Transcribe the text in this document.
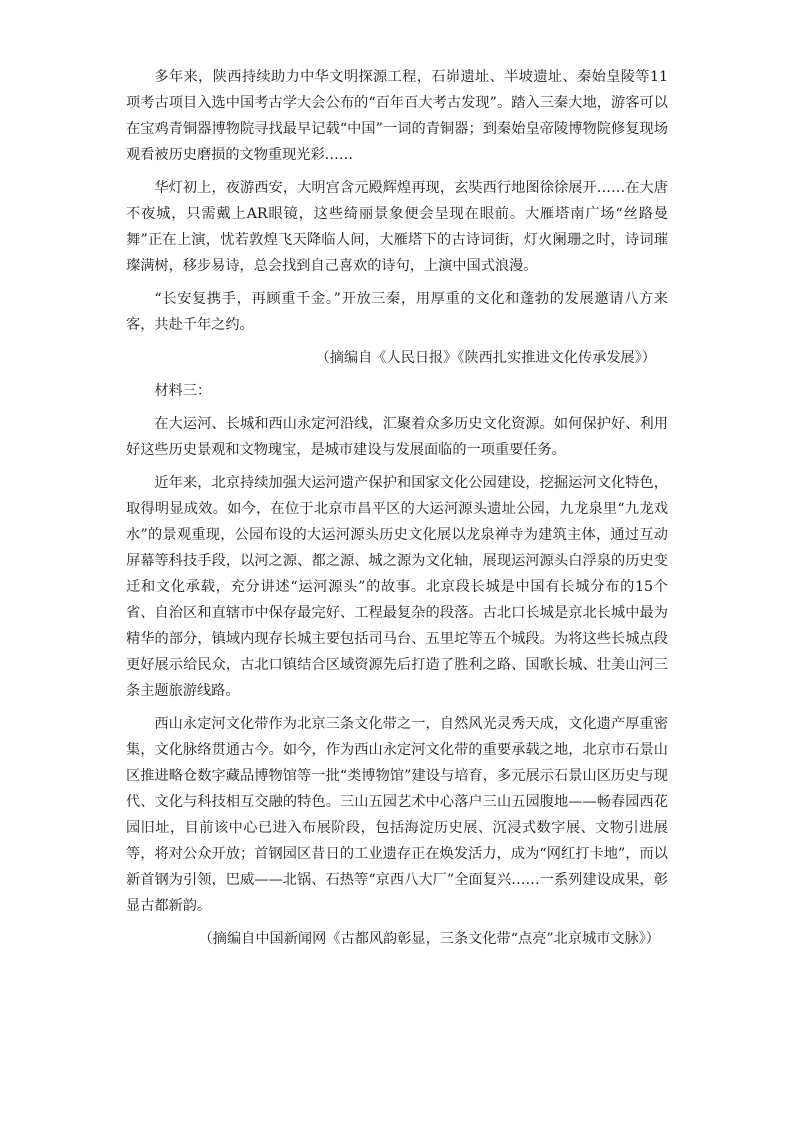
多年来，陕西持续助力中华文明探源工程，石峁遗址、半坡遗址、秦始皇陵等11项考古项目入选中国考古学大会公布的“百年百大考古发现”。踏入三秦大地，游客可以在宝鸡青铜器博物院寻找最早记载“中国”一词的青铜器；到秦始皇帝陵博物院修复现场观看被历史磨损的文物重现光彩……

华灯初上，夜游西安，大明宫含元殿辉煌再现，玄奘西行地图徐徐展开……在大唐不夜城，只需戴上AR眼镜，这些绮丽景象便会呈现在眼前。大雁塔南广场“丝路曼舞”正在上演，忧若敦煌飞天降临人间，大雁塔下的古诗词街，灯火阑珊之时，诗词璀璨满树，移步易诗，总会找到自己喜欢的诗句，上演中国式浪漫。

“长安复携手，再顾重千金。”开放三秦，用厚重的文化和蓬勃的发展邀请八方来客，共赴千年之约。

（摘编自《人民日报》《陕西扎实推进文化传承发展》）

材料三：

在大运河、长城和西山永定河沿线，汇聚着众多历史文化资源。如何保护好、利用好这些历史景观和文物瑰宝，是城市建设与发展面临的一项重要任务。

近年来，北京持续加强大运河遗产保护和国家文化公园建设，挖掘运河文化特色，取得明显成效。如今，在位于北京市昌平区的大运河源头遗址公园，九龙泉里“九龙戏水”的景观重现，公园布设的大运河源头历史文化展以龙泉禅寺为建筑主体，通过互动屏幕等科技手段，以河之源、都之源、城之源为文化轴，展现运河源头白浮泉的历史变迁和文化承载，充分讲述“运河源头”的故事。北京段长城是中国有长城分布的15个省、自治区和直辖市中保存最完好、工程最复杂的段落。古北口长城是京北长城中最为精华的部分，镇域内现存长城主要包括司马台、五里坨等五个城段。为将这些长城点段更好展示给民众，古北口镇结合区域资源先后打造了胜利之路、国歌长城、壮美山河三条主题旅游线路。

西山永定河文化带作为北京三条文化带之一，自然风光灵秀天成，文化遗产厚重密集，文化脉络贯通古今。如今，作为西山永定河文化带的重要承载之地，北京市石景山区推进略仓数字藏品博物馆等一批“类博物馆”建设与培育，多元展示石景山区历史与现代、文化与科技相互交融的特色。三山五园艺术中心落户三山五园腹地——畅春园西花园旧址，目前该中心已进入布展阶段，包括海淀历史展、沉浸式数字展、文物引进展等，将对公众开放；首钢园区昔日的工业遗存正在焕发活力，成为“网红打卡地”，而以新首钢为引领，巴威——北锅、石热等“京西八大厂”全面复兴……一系列建设成果，彰显古都新韵。

（摘编自中国新闻网《古都风韵彰显，三条文化带“点亮”北京城市文脉》）
